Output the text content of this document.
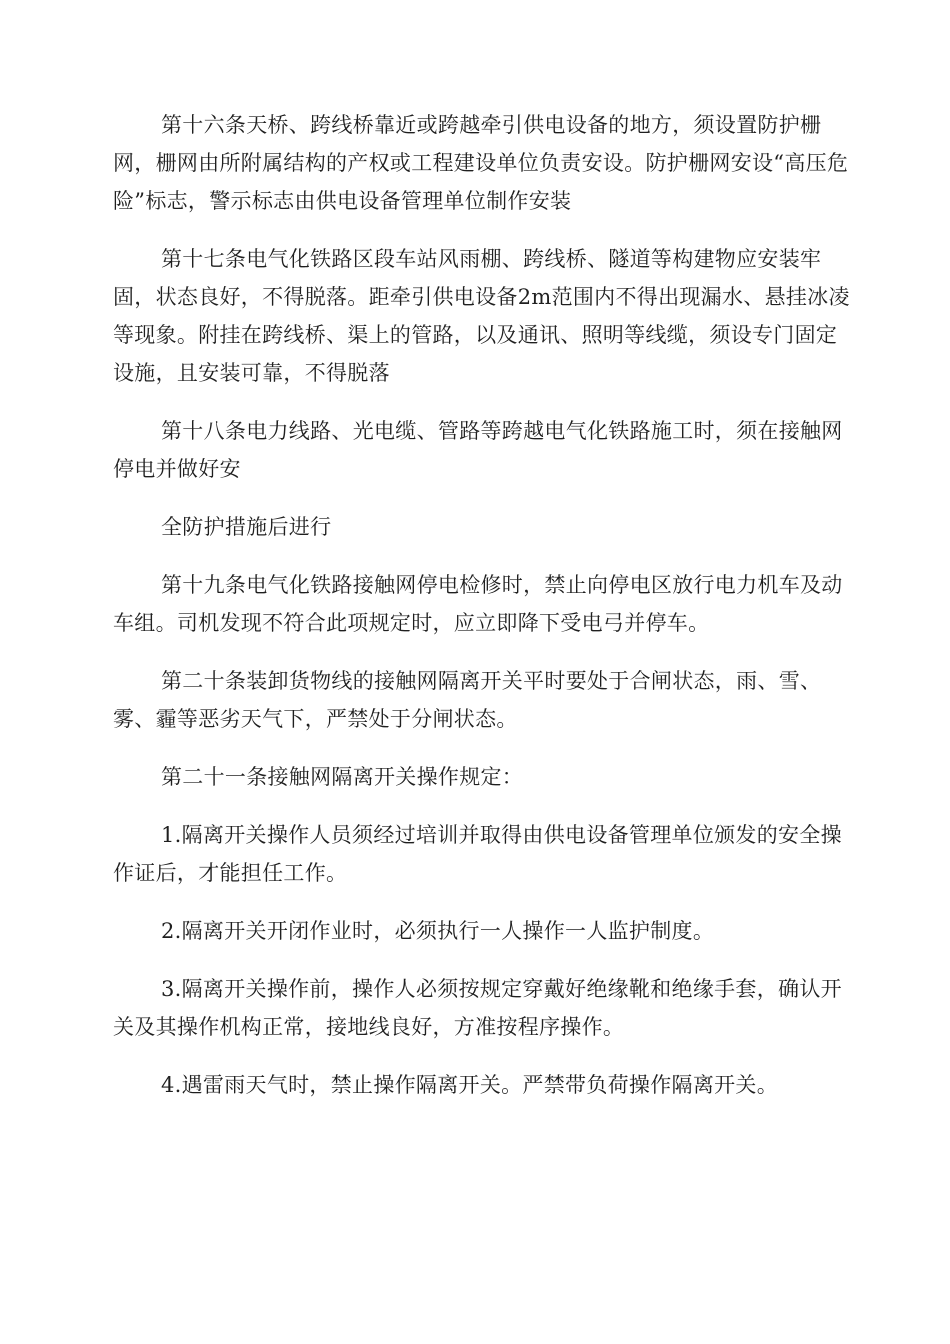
第十六条天桥、跨线桥靠近或跨越牵引供电设备的地方，须设置防护栅网，栅网由所附属结构的产权或工程建设单位负责安设。防护栅网安设“高压危险”标志，警示标志由供电设备管理单位制作安装

第十七条电气化铁路区段车站风雨棚、跨线桥、隧道等构建物应安装牢固，状态良好，不得脱落。距牵引供电设备2m范围内不得出现漏水、悬挂冰凌等现象。附挂在跨线桥、渠上的管路，以及通讯、照明等线缆，须设专门固定设施，且安装可靠，不得脱落

第十八条电力线路、光电缆、管路等跨越电气化铁路施工时，须在接触网停电并做好安

全防护措施后进行

第十九条电气化铁路接触网停电检修时，禁止向停电区放行电力机车及动车组。司机发现不符合此项规定时，应立即降下受电弓并停车。

第二十条装卸货物线的接触网隔离开关平时要处于合闸状态，雨、雪、雾、霾等恶劣天气下，严禁处于分闸状态。

第二十一条接触网隔离开关操作规定：

1.隔离开关操作人员须经过培训并取得由供电设备管理单位颁发的安全操作证后，才能担任工作。

2.隔离开关开闭作业时，必须执行一人操作一人监护制度。

3.隔离开关操作前，操作人必须按规定穿戴好绝缘靴和绝缘手套，确认开关及其操作机构正常，接地线良好，方准按程序操作。

4.遇雷雨天气时，禁止操作隔离开关。严禁带负荷操作隔离开关。
